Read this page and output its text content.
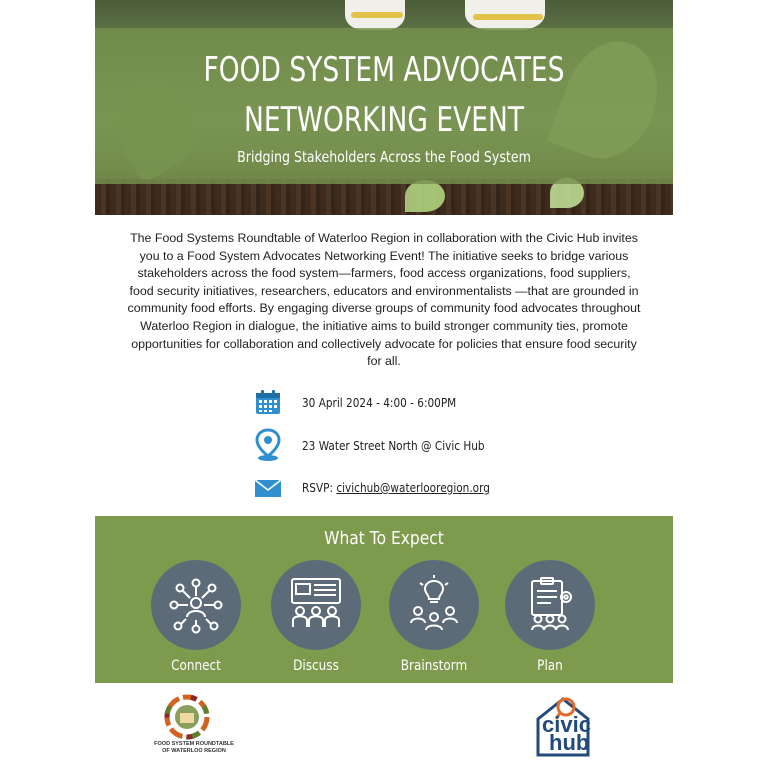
FOOD SYSTEM ADVOCATES
NETWORKING EVENT
Bridging Stakeholders Across the Food System
The Food Systems Roundtable of Waterloo Region in collaboration with the Civic Hub invites you to a Food System Advocates Networking Event! The initiative seeks to bridge various stakeholders across the food system—farmers, food access organizations, food suppliers, food security initiatives, researchers, educators and environmentalists —that are grounded in community food efforts. By engaging diverse groups of community food advocates throughout Waterloo Region in dialogue, the initiative aims to build stronger community ties, promote opportunities for collaboration and collectively advocate for policies that ensure food security for all.
30 April 2024 - 4:00 - 6:00PM
23 Water Street North @ Civic Hub
RSVP: civichub@waterlooregion.org
What To Expect
Connect	Discuss	Brainstorm	Plan
FOOD SYSTEM ROUNDTABLE
OF WATERLOO REGION
civic
hub
